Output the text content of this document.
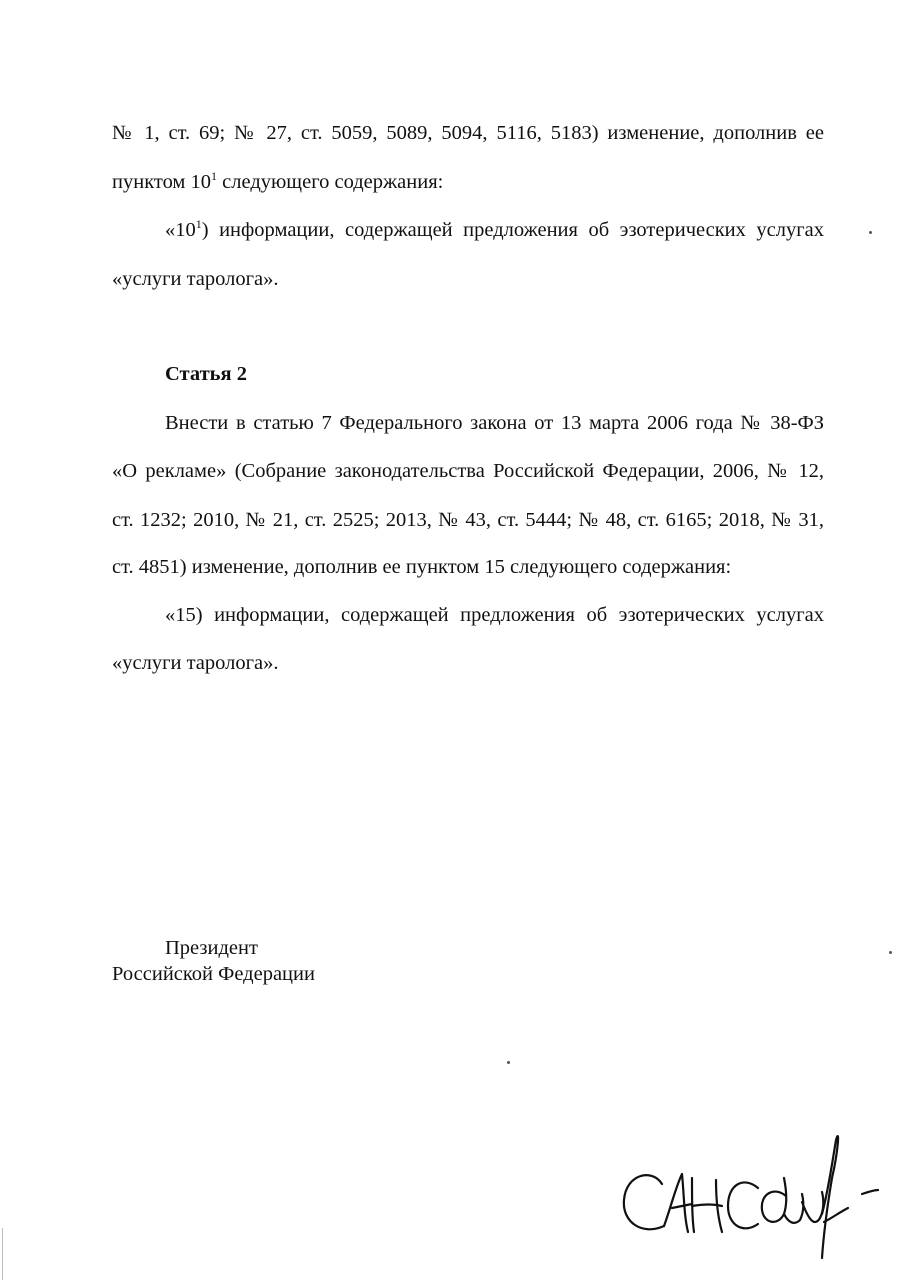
№ 1, ст. 69; № 27, ст. 5059, 5089, 5094, 5116, 5183) изменение, дополнив ее
пунктом $10^1$ следующего содержания:
«$10^1$) информации, содержащей предложения об эзотерических услугах
«услуги таролога».
Статья 2
Внести в статью 7 Федерального закона от 13 марта 2006 года № 38-ФЗ
«О рекламе» (Собрание законодательства Российской Федерации, 2006, № 12,
ст. 1232; 2010, № 21, ст. 2525; 2013, № 43, ст. 5444; № 48, ст. 6165; 2018, № 31,
ст. 4851) изменение, дополнив ее пунктом 15 следующего содержания:
«15) информации, содержащей предложения об эзотерических услугах
«услуги таролога».
Президент
Российской Федерации
